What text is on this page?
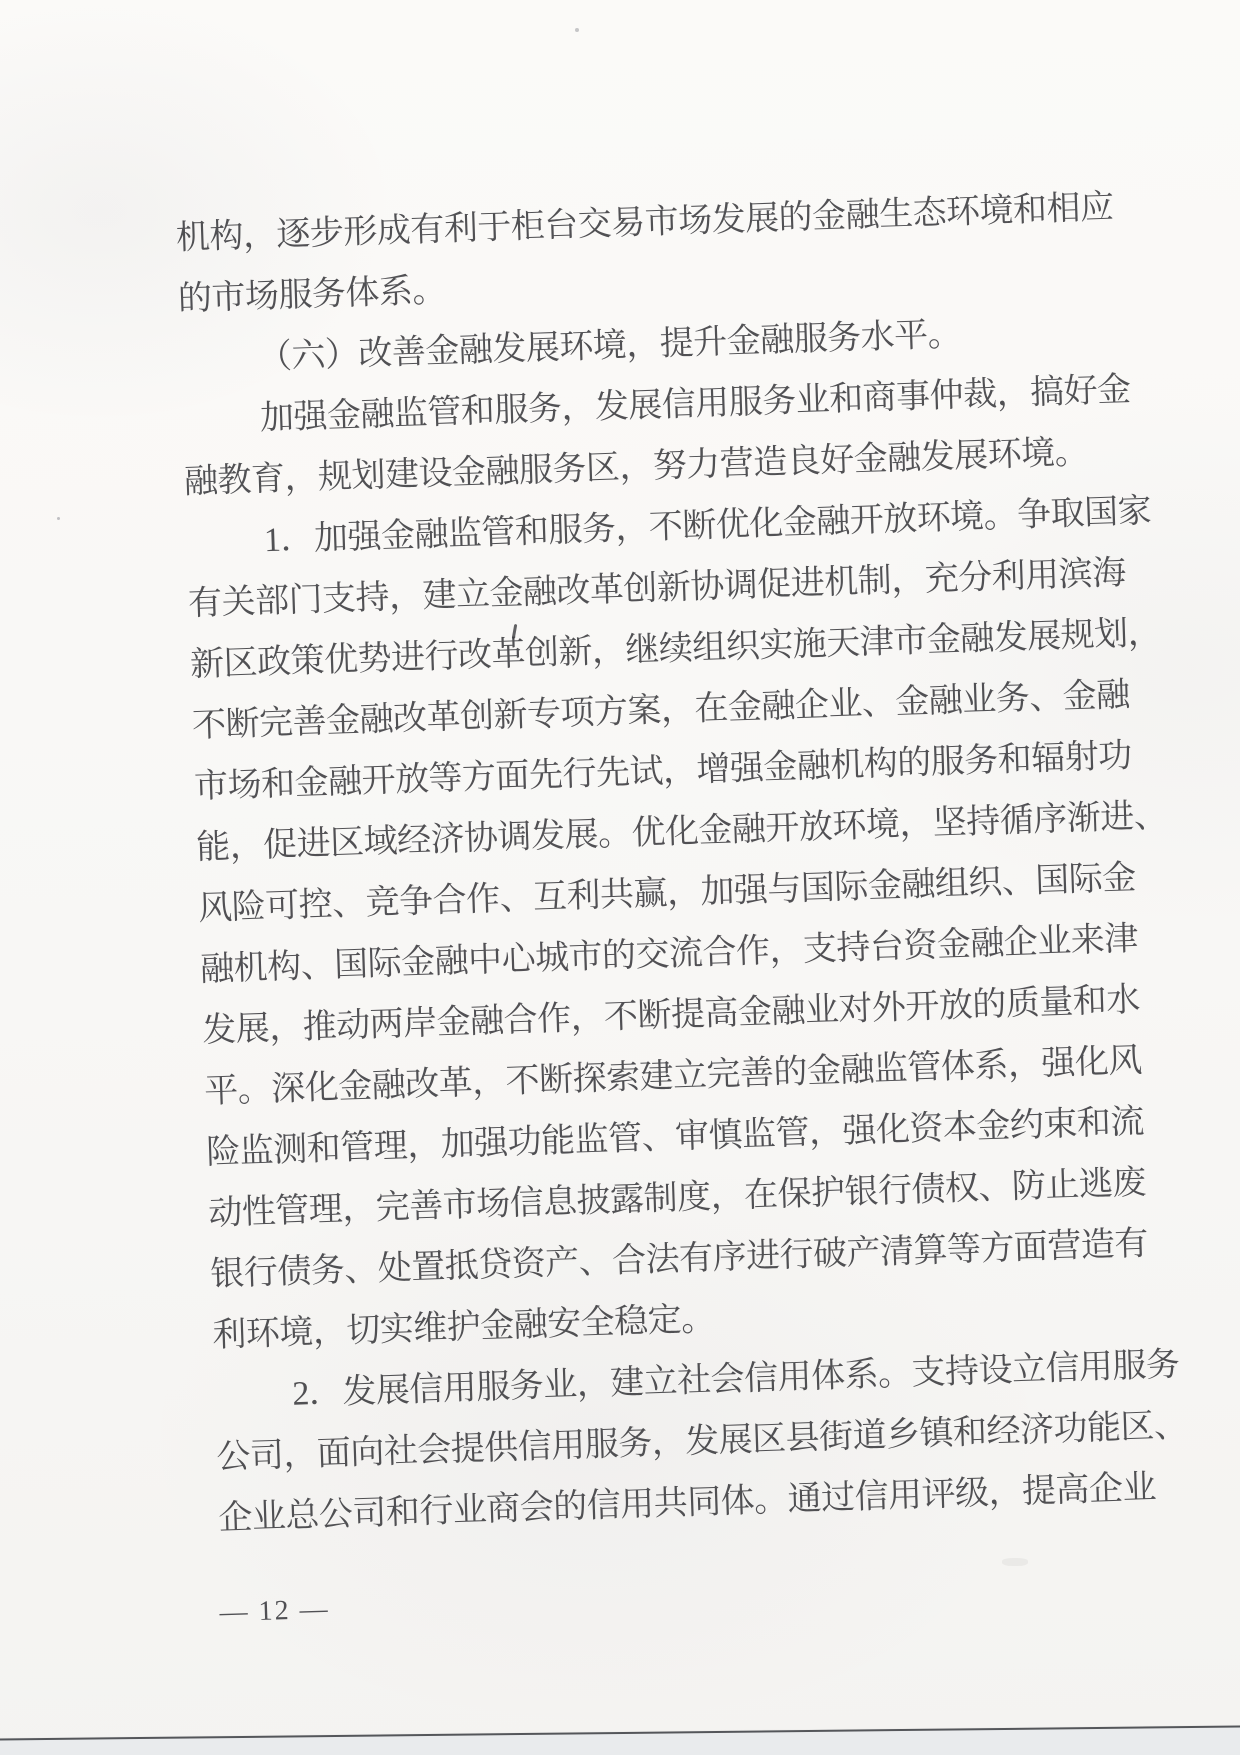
机构，逐步形成有利于柜台交易市场发展的金融生态环境和相应
的市场服务体系。
（六）改善金融发展环境，提升金融服务水平。
加强金融监管和服务，发展信用服务业和商事仲裁，搞好金
融教育，规划建设金融服务区，努力营造良好金融发展环境。
1．加强金融监管和服务，不断优化金融开放环境。争取国家
有关部门支持，建立金融改革创新协调促进机制，充分利用滨海
新区政策优势进行改革创新，继续组织实施天津市金融发展规划，
不断完善金融改革创新专项方案，在金融企业、金融业务、金融
市场和金融开放等方面先行先试，增强金融机构的服务和辐射功
能，促进区域经济协调发展。优化金融开放环境，坚持循序渐进、
风险可控、竞争合作、互利共赢，加强与国际金融组织、国际金
融机构、国际金融中心城市的交流合作，支持台资金融企业来津
发展，推动两岸金融合作，不断提高金融业对外开放的质量和水
平。深化金融改革，不断探索建立完善的金融监管体系，强化风
险监测和管理，加强功能监管、审慎监管，强化资本金约束和流
动性管理，完善市场信息披露制度，在保护银行债权、防止逃废
银行债务、处置抵贷资产、合法有序进行破产清算等方面营造有
利环境，切实维护金融安全稳定。
2．发展信用服务业，建立社会信用体系。支持设立信用服务
公司，面向社会提供信用服务，发展区县街道乡镇和经济功能区、
企业总公司和行业商会的信用共同体。通过信用评级，提高企业
— 12 —
